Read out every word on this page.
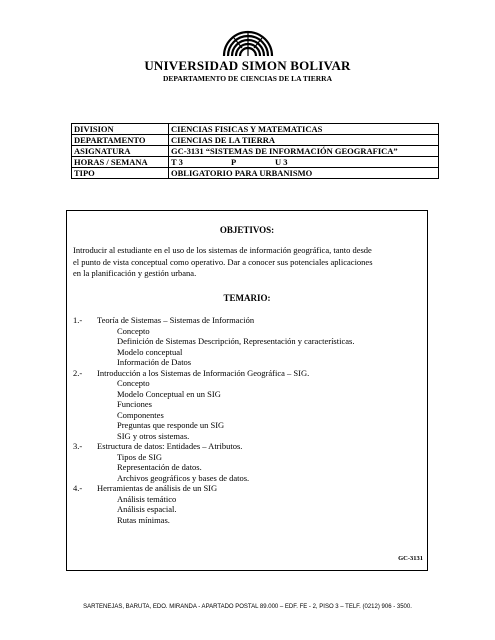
UNIVERSIDAD SIMON BOLIVAR
DEPARTAMENTO DE CIENCIAS DE LA TIERRA
DIVISION	CIENCIAS FISICAS Y MATEMATICAS
DEPARTAMENTO	CIENCIAS DE LA TIERRA
ASIGNATURA	GC-3131 “SISTEMAS DE INFORMACIÓN GEOGRAFICA”
HORAS / SEMANA	T 3 P U 3
TIPO	OBLIGATORIO PARA URBANISMO
OBJETIVOS:
Introducir al estudiante en el uso de los sistemas de información geográfica, tanto desde
el punto de vista conceptual como operativo. Dar a conocer sus potenciales aplicaciones
en la planificación y gestión urbana.
TEMARIO:
1.- Teoría de Sistemas – Sistemas de Información
Concepto
Definición de Sistemas Descripción, Representación y características.
Modelo conceptual
Información de Datos
2.- Introducción a los Sistemas de Información Geográfica – SIG.
Concepto
Modelo Conceptual en un SIG
Funciones
Componentes
Preguntas que responde un SIG
SIG y otros sistemas.
3.- Estructura de datos: Entidades – Atributos.
Tipos de SIG
Representación de datos.
Archivos geográficos y bases de datos.
4.- Herramientas de análisis de un SIG
Análisis temático
Análisis espacial.
Rutas mínimas.
GC-3131
SARTENEJAS, BARUTA, EDO. MIRANDA - APARTADO POSTAL 89.000 – EDF. FE - 2, PISO 3 – TELF. (0212) 906 - 3500.
